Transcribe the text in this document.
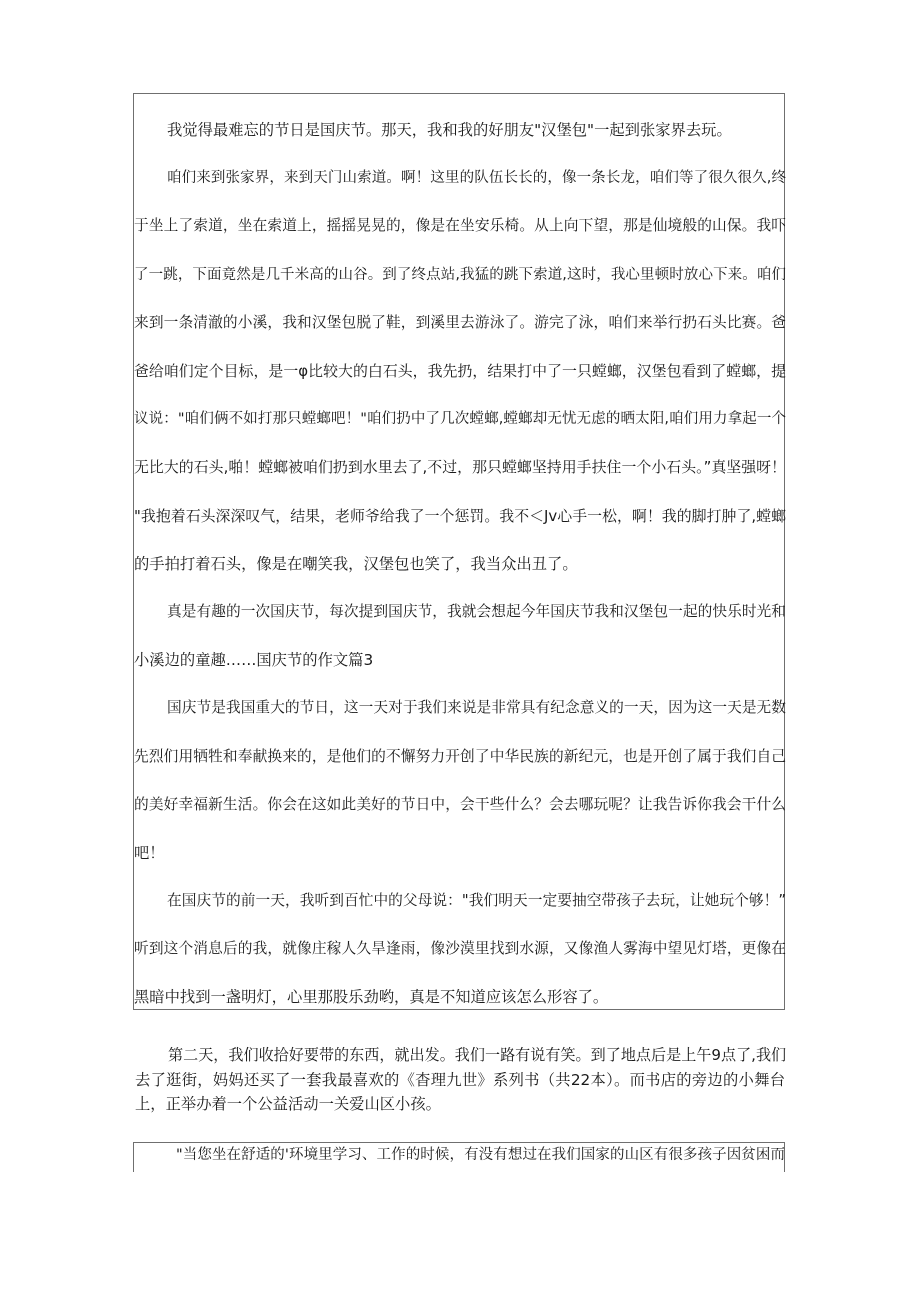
我觉得最难忘的节日是国庆节。那天，我和我的好朋友"汉堡包"一起到张家界去玩。
咱们来到张家界，来到天门山索道。啊！这里的队伍长长的，像一条长龙，咱们等了很久很久,终
于坐上了索道，坐在索道上，摇摇晃晃的，像是在坐安乐椅。从上向下望，那是仙境般的山保。我吓
了一跳，下面竟然是几千米高的山谷。到了终点站,我猛的跳下索道,这时，我心里顿时放心下来。咱们
来到一条清澈的小溪，我和汉堡包脱了鞋，到溪里去游泳了。游完了泳，咱们来举行扔石头比赛。爸
爸给咱们定个目标，是一φ比较大的白石头，我先扔，结果打中了一只螳螂，汉堡包看到了螳螂，提
议说："咱们俩不如打那只螳螂吧！"咱们扔中了几次螳螂,螳螂却无忧无虑的晒太阳,咱们用力拿起一个
无比大的石头,啪！螳螂被咱们扔到水里去了,不过，那只螳螂坚持用手扶住一个小石头。”真坚强呀！
"我抱着石头深深叹气，结果，老师爷给我了一个惩罚。我不＜Jv心手一松，啊！我的脚打肿了,螳螂
的手拍打着石头，像是在嘲笑我，汉堡包也笑了，我当众出丑了。
真是有趣的一次国庆节，每次提到国庆节，我就会想起今年国庆节我和汉堡包一起的快乐时光和
小溪边的童趣……国庆节的作文篇3
国庆节是我国重大的节日，这一天对于我们来说是非常具有纪念意义的一天，因为这一天是无数
先烈们用牺牲和奉献换来的，是他们的不懈努力开创了中华民族的新纪元，也是开创了属于我们自己
的美好幸福新生活。你会在这如此美好的节日中，会干些什么？会去哪玩呢？让我告诉你我会干什么
吧！
在国庆节的前一天，我听到百忙中的父母说："我们明天一定要抽空带孩子去玩，让她玩个够！”
听到这个消息后的我，就像庄稼人久旱逢雨，像沙漠里找到水源，又像渔人雾海中望见灯塔，更像在
黑暗中找到一盏明灯，心里那股乐劲哟，真是不知道应该怎么形容了。
第二天，我们收拾好要带的东西，就出发。我们一路有说有笑。到了地点后是上午9点了,我们
去了逛街，妈妈还买了一套我最喜欢的《杳理九世》系列书（共22本）。而书店的旁边的小舞台
上，正举办着一个公益活动一关爱山区小孩。
"当您坐在舒适的'环境里学习、工作的时候，有没有想过在我们国家的山区有很多孩子因贫困而
